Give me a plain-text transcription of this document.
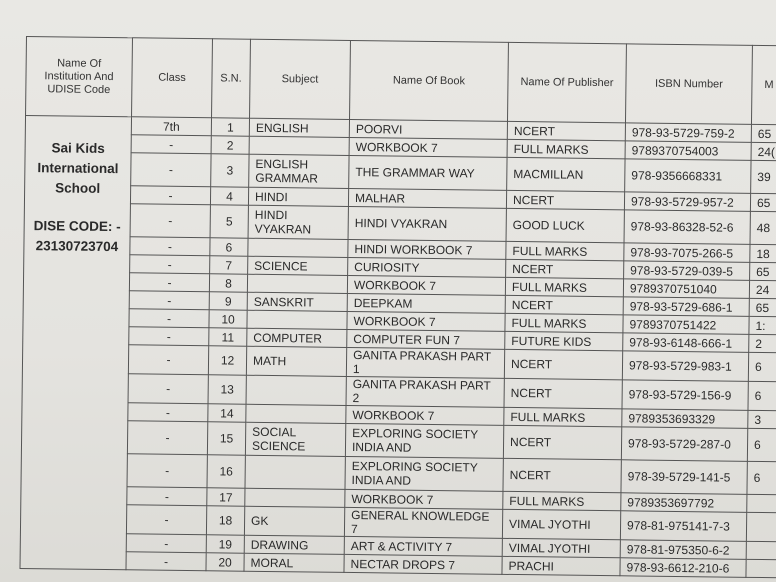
Name Of Institution And UDISE Code	Class	S.N.	Subject	Name Of Book	Name Of Publisher	ISBN Number	M
Sai Kids International School
DISE CODE: - 23130723704	7th	1	ENGLISH	POORVI	NCERT	978-93-5729-759-2	65
	-	2		WORKBOOK 7	FULL MARKS	9789370754003	24(
	-	3	ENGLISH GRAMMAR	THE GRAMMAR WAY	MACMILLAN	978-9356668331	39
	-	4	HINDI	MALHAR	NCERT	978-93-5729-957-2	65
	-	5	HINDI VYAKRAN	HINDI VYAKRAN	GOOD LUCK	978-93-86328-52-6	48
	-	6		HINDI WORKBOOK 7	FULL MARKS	978-93-7075-266-5	18
	-	7	SCIENCE	CURIOSITY	NCERT	978-93-5729-039-5	65
	-	8		WORKBOOK 7	FULL MARKS	9789370751040	24
	-	9	SANSKRIT	DEEPKAM	NCERT	978-93-5729-686-1	65
	-	10		WORKBOOK 7	FULL MARKS	9789370751422	1:
	-	11	COMPUTER	COMPUTER FUN 7	FUTURE KIDS	978-93-6148-666-1	2
	-	12	MATH	GANITA PRAKASH PART 1	NCERT	978-93-5729-983-1	6
	-	13		GANITA PRAKASH PART 2	NCERT	978-93-5729-156-9	6
	-	14		WORKBOOK 7	FULL MARKS	9789353693329	3
	-	15	SOCIAL SCIENCE	EXPLORING SOCIETY INDIA AND	NCERT	978-93-5729-287-0	6
	-	16		EXPLORING SOCIETY INDIA AND	NCERT	978-39-5729-141-5	6
	-	17		WORKBOOK 7	FULL MARKS	9789353697792	
	-	18	GK	GENERAL KNOWLEDGE 7	VIMAL JYOTHI	978-81-975141-7-3	
	-	19	DRAWING	ART & ACTIVITY 7	VIMAL JYOTHI	978-81-975350-6-2	
	-	20	MORAL	NECTAR DROPS 7	PRACHI	978-93-6612-210-6	
